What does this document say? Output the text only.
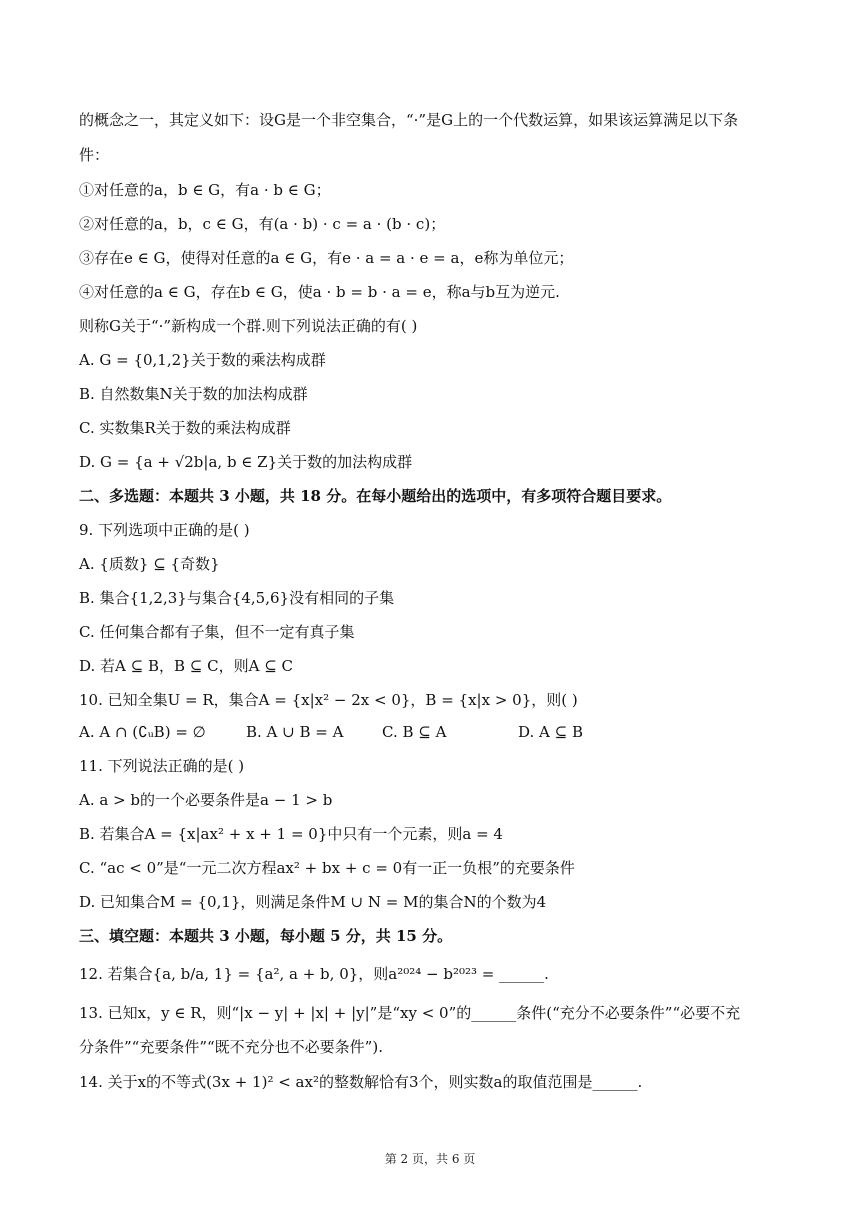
的概念之一，其定义如下：设G是一个非空集合，“·”是G上的一个代数运算，如果该运算满足以下条
件：
①对任意的a，b ∈ G，有a · b ∈ G；
②对任意的a，b，c ∈ G，有(a · b) · c = a · (b · c)；
③存在e ∈ G，使得对任意的a ∈ G，有e · a = a · e = a，e称为单位元；
④对任意的a ∈ G，存在b ∈ G，使a · b = b · a = e，称a与b互为逆元.
则称G关于“·”新构成一个群.则下列说法正确的有( )
A. G = {0,1,2}关于数的乘法构成群
B. 自然数集N关于数的加法构成群
C. 实数集R关于数的乘法构成群
D. G = {a + √2b|a, b ∈ Z}关于数的加法构成群
二、多选题：本题共 3 小题，共 18 分。在每小题给出的选项中，有多项符合题目要求。
9. 下列选项中正确的是( )
A. {质数} ⊆ {奇数}
B. 集合{1,2,3}与集合{4,5,6}没有相同的子集
C. 任何集合都有子集，但不一定有真子集
D. 若A ⊆ B，B ⊆ C，则A ⊆ C
10. 已知全集U = R，集合A = {x|x² − 2x < 0}，B = {x|x > 0}，则( )
A. A ∩ (∁ᵤB) = ∅	B. A ∪ B = A	C. B ⊆ A	D. A ⊆ B
11. 下列说法正确的是( )
A. a > b的一个必要条件是a − 1 > b
B. 若集合A = {x|ax² + x + 1 = 0}中只有一个元素，则a = 4
C. “ac < 0”是“一元二次方程ax² + bx + c = 0有一正一负根”的充要条件
D. 已知集合M = {0,1}，则满足条件M ∪ N = M的集合N的个数为4
三、填空题：本题共 3 小题，每小题 5 分，共 15 分。
12. 若集合{a, b/a, 1} = {a², a + b, 0}，则a²⁰²⁴ − b²⁰²³ = ______.
13. 已知x，y ∈ R，则“|x − y| + |x| + |y|”是“xy < 0”的______条件(“充分不必要条件”“必要不充
分条件”“充要条件”“既不充分也不必要条件”).
14. 关于x的不等式(3x + 1)² < ax²的整数解恰有3个，则实数a的取值范围是______.
第 2 页，共 6 页
